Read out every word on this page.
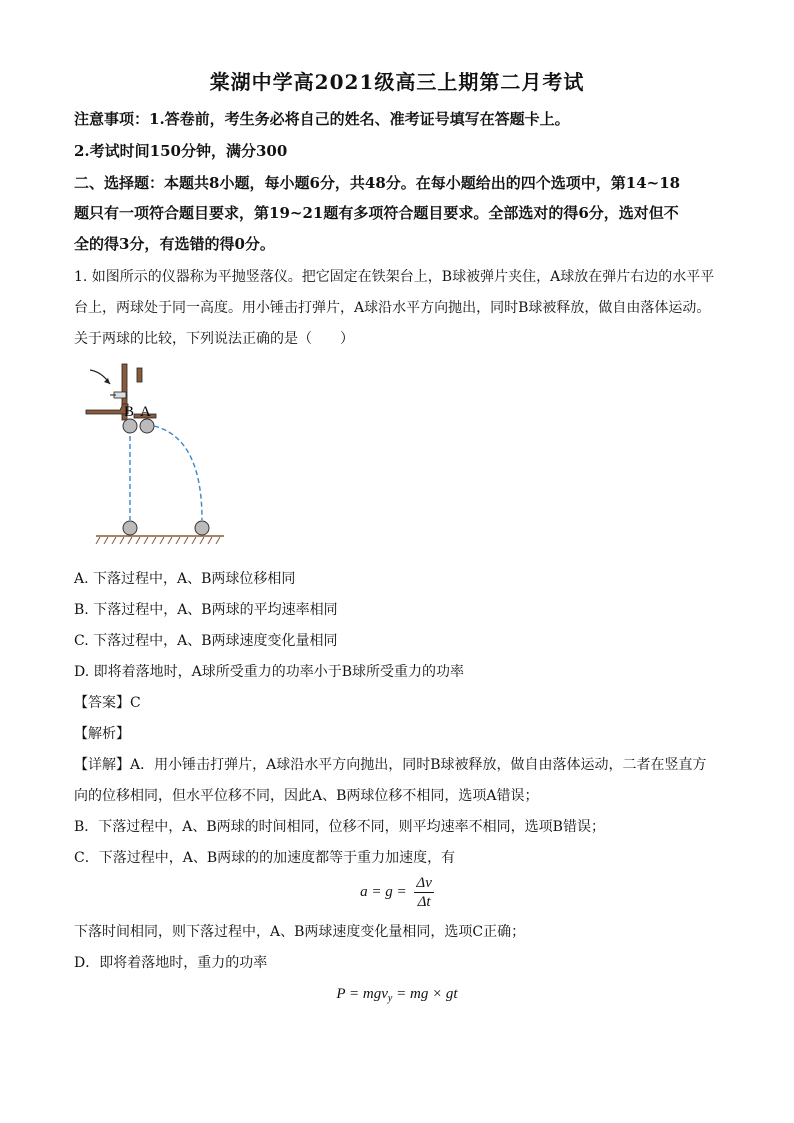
棠湖中学高2021级高三上期第二月考试
注意事项：1.答卷前，考生务必将自己的姓名、准考证号填写在答题卡上。
2.考试时间150分钟，满分300
二、选择题：本题共8小题，每小题6分，共48分。在每小题给出的四个选项中，第14~18
题只有一项符合题目要求，第19~21题有多项符合题目要求。全部选对的得6分，选对但不
全的得3分，有选错的得0分。
1. 如图所示的仪器称为平抛竖落仪。把它固定在铁架台上，B球被弹片夹住，A球放在弹片右边的水平平
台上，两球处于同一高度。用小锤击打弹片，A球沿水平方向抛出，同时B球被释放，做自由落体运动。
关于两球的比较，下列说法正确的是（　　）
B A
A. 下落过程中，A、B两球位移相同
B. 下落过程中，A、B两球的平均速率相同
C. 下落过程中，A、B两球速度变化量相同
D. 即将着落地时，A球所受重力的功率小于B球所受重力的功率
【答案】C
【解析】
【详解】A．用小锤击打弹片，A球沿水平方向抛出，同时B球被释放，做自由落体运动，二者在竖直方
向的位移相同，但水平位移不同，因此A、B两球位移不相同，选项A错误；
B．下落过程中，A、B两球的时间相同，位移不同，则平均速率不相同，选项B错误；
C．下落过程中，A、B两球的的加速度都等于重力加速度，有
$a = g = \frac{\Delta v}{\Delta t}$
下落时间相同，则下落过程中，A、B两球速度变化量相同，选项C正确；
D．即将着落地时，重力的功率
P = mgv$_y$ = mg × gt
